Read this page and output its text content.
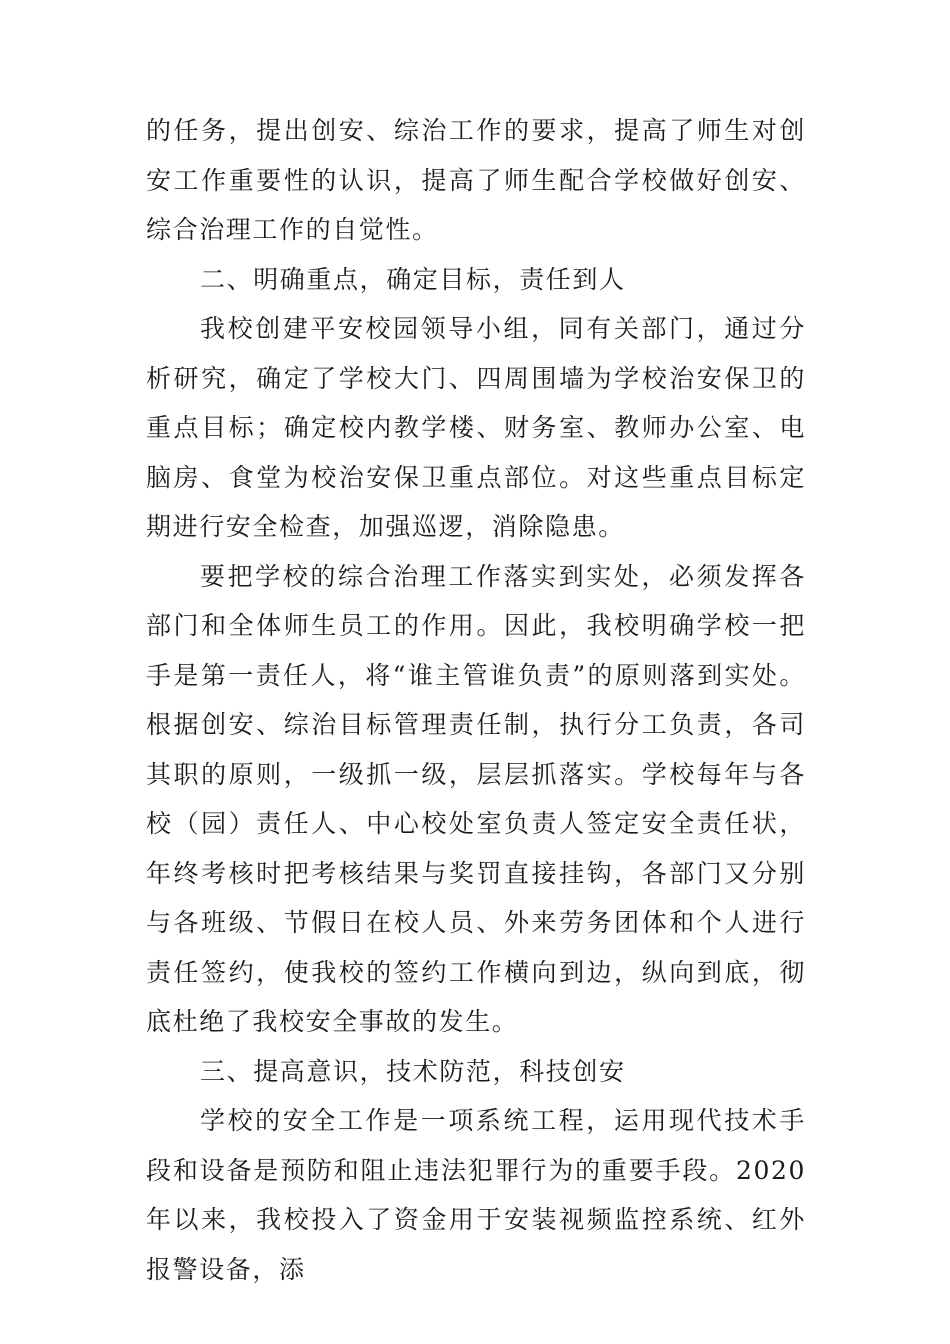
的任务，提出创安、综治工作的要求，提高了师生对创安工作重要性的认识，提高了师生配合学校做好创安、综合治理工作的自觉性。

二、明确重点，确定目标，责任到人

我校创建平安校园领导小组，同有关部门，通过分析研究，确定了学校大门、四周围墙为学校治安保卫的重点目标；确定校内教学楼、财务室、教师办公室、电脑房、食堂为校治安保卫重点部位。对这些重点目标定期进行安全检查，加强巡逻，消除隐患。

要把学校的综合治理工作落实到实处，必须发挥各部门和全体师生员工的作用。因此，我校明确学校一把手是第一责任人，将“谁主管谁负责”的原则落到实处。根据创安、综治目标管理责任制，执行分工负责，各司其职的原则，一级抓一级，层层抓落实。学校每年与各校（园）责任人、中心校处室负责人签定安全责任状，年终考核时把考核结果与奖罚直接挂钩，各部门又分别与各班级、节假日在校人员、外来劳务团体和个人进行责任签约，使我校的签约工作横向到边，纵向到底，彻底杜绝了我校安全事故的发生。

三、提高意识，技术防范，科技创安

学校的安全工作是一项系统工程，运用现代技术手段和设备是预防和阻止违法犯罪行为的重要手段。2020 年以来，我校投入了资金用于安装视频监控系统、红外报警设备，添
